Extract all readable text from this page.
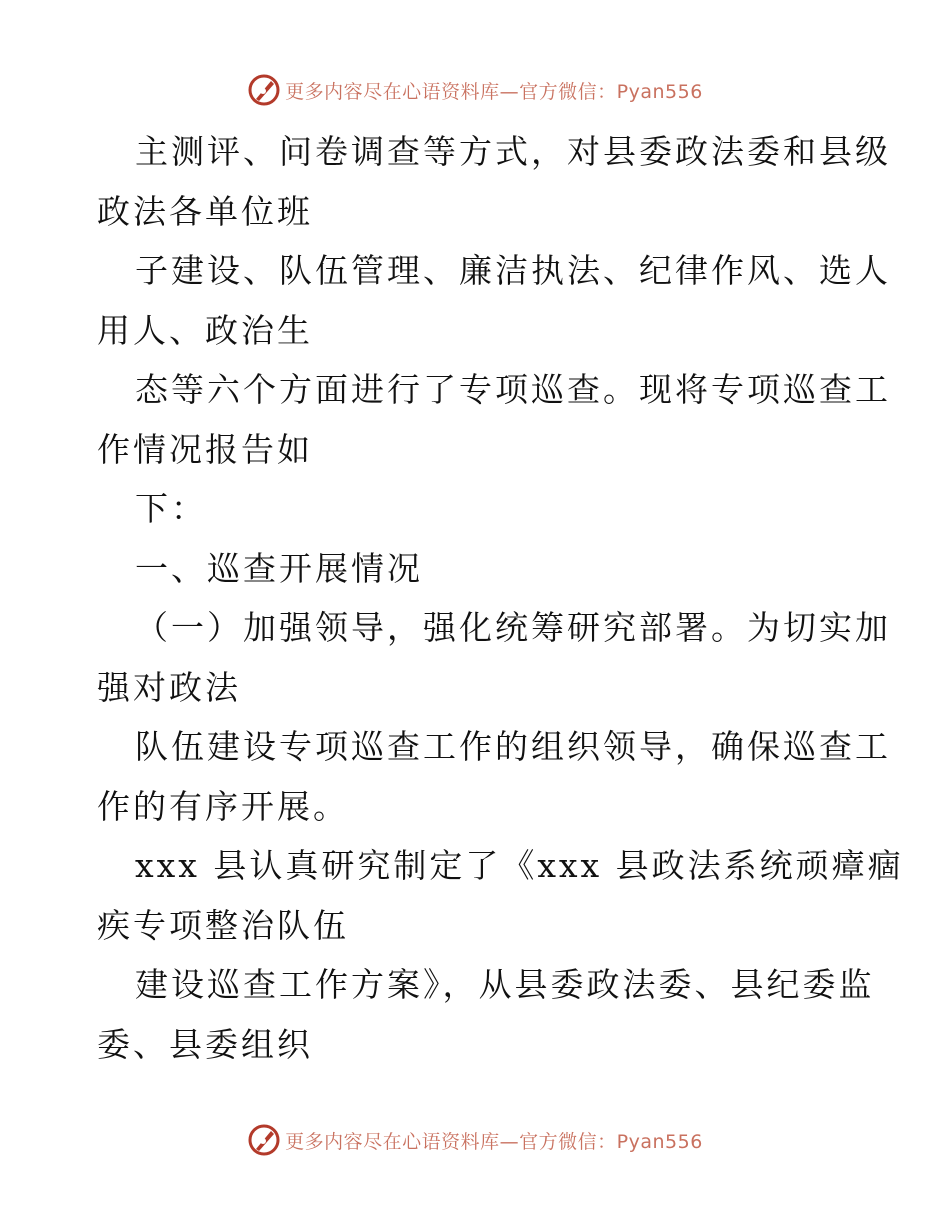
更多内容尽在心语资料库—官方微信：Pyan556
主测评、问卷调查等方式，对县委政法委和县级
政法各单位班
子建设、队伍管理、廉洁执法、纪律作风、选人
用人、政治生
态等六个方面进行了专项巡查。现将专项巡查工
作情况报告如
下：
一、巡查开展情况
（一）加强领导，强化统筹研究部署。为切实加
强对政法
队伍建设专项巡查工作的组织领导，确保巡查工
作的有序开展。
xxx 县认真研究制定了《xxx 县政法系统顽瘴痼
疾专项整治队伍
建设巡查工作方案》，从县委政法委、县纪委监
委、县委组织
更多内容尽在心语资料库—官方微信：Pyan556
